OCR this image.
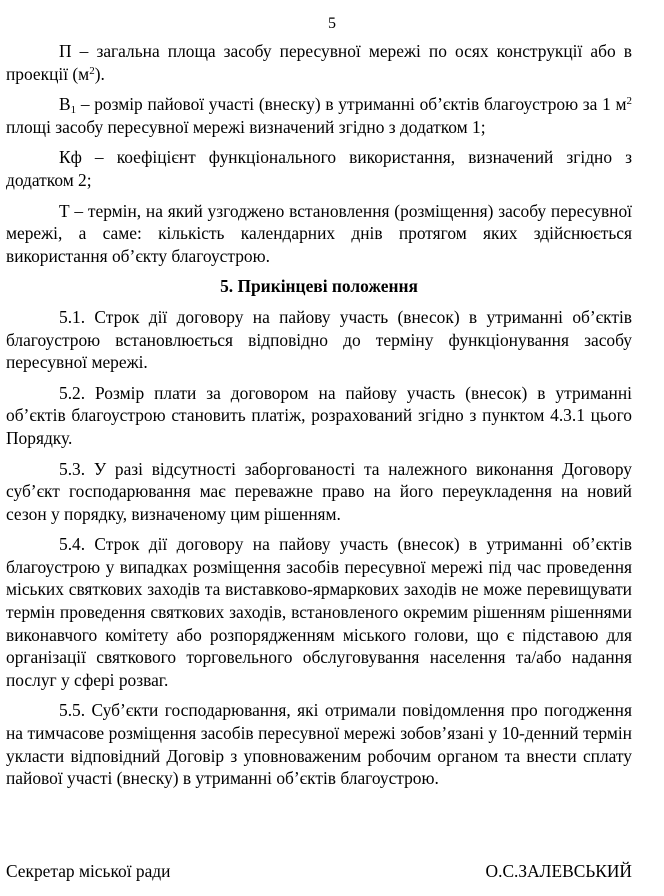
5

П – загальна площа засобу пересувної мережі по осях конструкції або в проекції $(м^2)$.

$В_1$ – розмір пайової участі (внеску) в утриманні об’єктів благоустрою за 1 $м^2$ площі засобу пересувної мережі визначений згідно з додатком 1;

Кф – коефіцієнт функціонального використання, визначений згідно з додатком 2;

Т – термін, на який узгоджено встановлення (розміщення) засобу пересувної мережі, а саме: кількість календарних днів протягом яких здійснюється використання об’єкту благоустрою.

5. Прикінцеві положення

5.1. Строк дії договору на пайову участь (внесок) в утриманні об’єктів благоустрою встановлюється відповідно до терміну функціонування засобу пересувної мережі.

5.2. Розмір плати за договором на пайову участь (внесок) в утриманні об’єктів благоустрою становить платіж, розрахований згідно з пунктом 4.3.1 цього Порядку.

5.3. У разі відсутності заборгованості та належного виконання Договору суб’єкт господарювання має переважне право на його переукладення на новий сезон у порядку, визначеному цим рішенням.

5.4. Строк дії договору на пайову участь (внесок) в утриманні об’єктів благоустрою у випадках розміщення засобів пересувної мережі під час проведення міських святкових заходів та виставково-ярмаркових заходів не може перевищувати термін проведення святкових заходів, встановленого окремим рішенням рішеннями виконавчого комітету або розпорядженням міського голови, що є підставою для організації святкового торговельного обслуговування населення та/або надання послуг у сфері розваг.

5.5. Суб’єкти господарювання, які отримали повідомлення про погодження на тимчасове розміщення засобів пересувної мережі зобов’язані у 10-денний термін укласти відповідний Договір з уповноваженим робочим органом та внести сплату пайової участі (внеску) в утриманні об’єктів благоустрою.

Секретар міської ради	О.С.ЗАЛЕВСЬКИЙ
